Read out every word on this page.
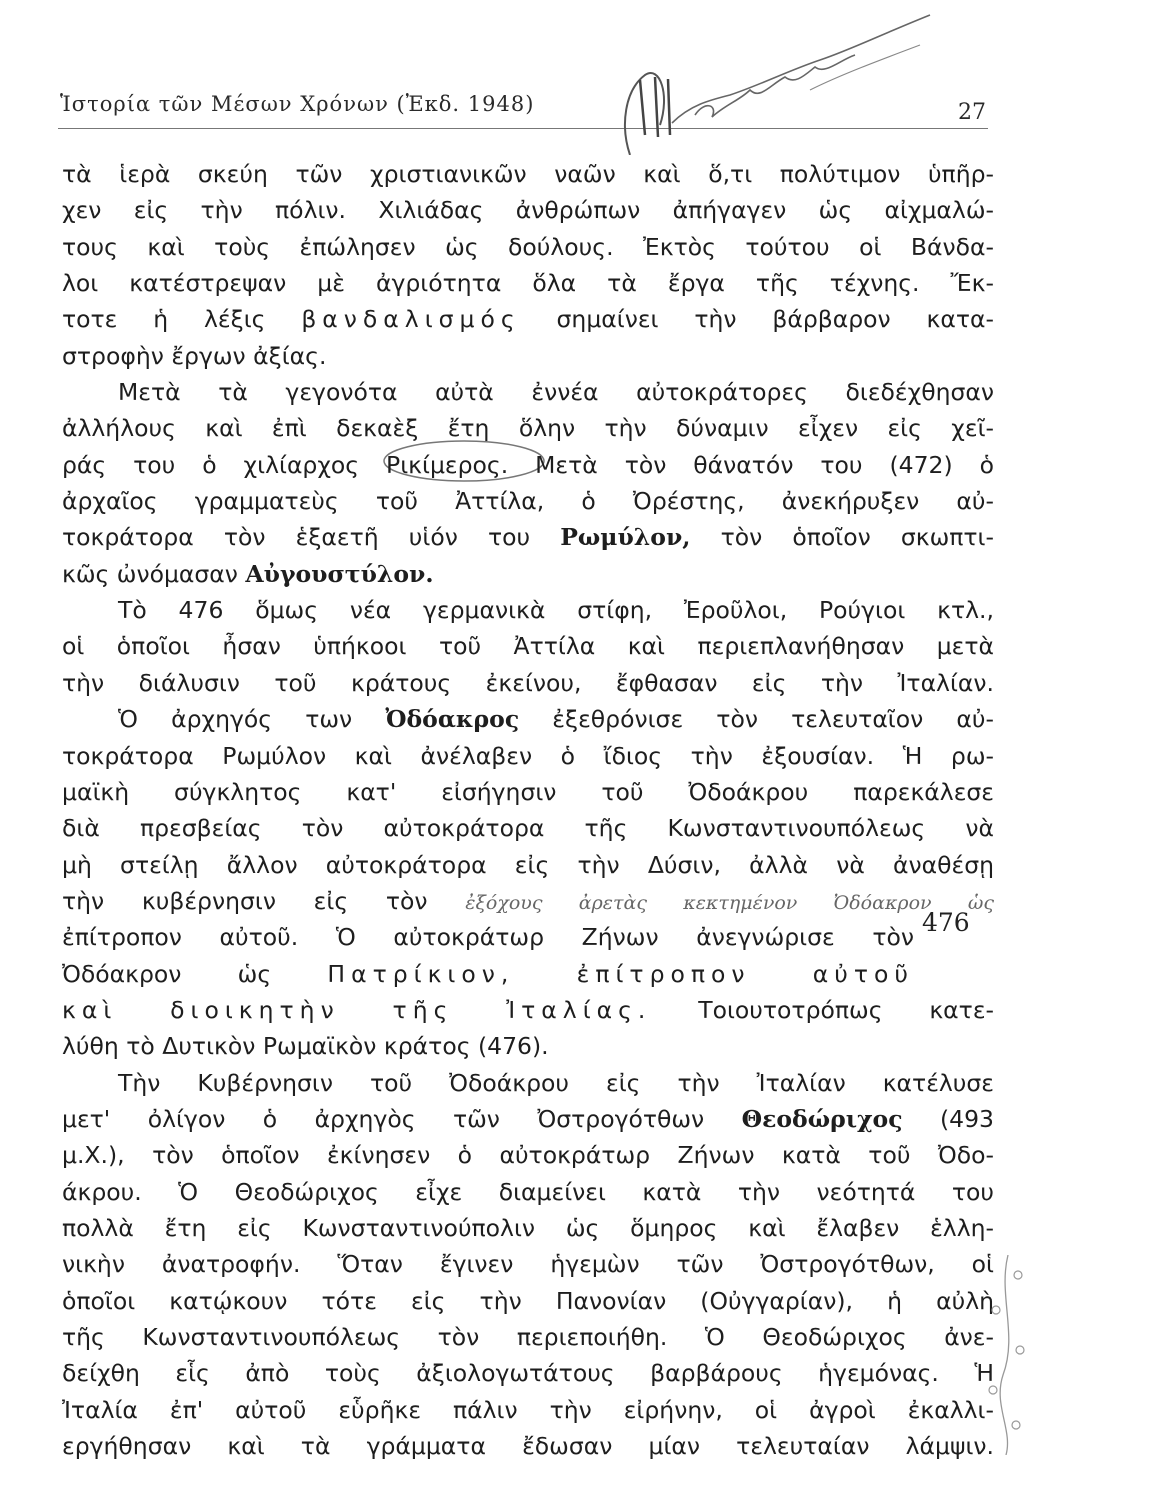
Ἱστορία τῶν Μέσων Χρόνων (Ἐκδ. 1948)	27
τὰ ἱερὰ σκεύη τῶν χριστιανικῶν ναῶν καὶ ὅ,τι πολύτιμον ὑπῆρ-
χεν εἰς τὴν πόλιν. Χιλιάδας ἀνθρώπων ἀπήγαγεν ὡς αἰχμαλώ-
τους καὶ τοὺς ἐπώλησεν ὡς δούλους. Ἐκτὸς τούτου οἱ Βάνδα-
λοι κατέστρεψαν μὲ ἀγριότητα ὅλα τὰ ἔργα τῆς τέχνης. Ἔκ-
τοτε ἡ λέξις βανδαλισμός σημαίνει τὴν βάρβαρον κατα-
στροφὴν ἔργων ἀξίας.
Μετὰ τὰ γεγονότα αὐτὰ ἐννέα αὐτοκράτορες διεδέχθησαν
ἀλλήλους καὶ ἐπὶ δεκαὲξ ἔτη ὅλην τὴν δύναμιν εἶχεν εἰς χεῖ-
ράς του ὁ χιλίαρχος Ρικίμερος. Μετὰ τὸν θάνατόν του (472) ὁ
ἀρχαῖος γραμματεὺς τοῦ Ἀττίλα, ὁ Ὀρέστης, ἀνεκήρυξεν αὐ-
τοκράτορα τὸν ἑξαετῆ υἱόν του Ρωμύλον, τὸν ὁποῖον σκωπτι-
κῶς ὠνόμασαν Αὐγουστύλον.
Τὸ 476 ὅμως νέα γερμανικὰ στίφη, Ἐροῦλοι, Ρούγιοι κτλ.,
οἱ ὁποῖοι ἦσαν ὑπήκοοι τοῦ Ἀττίλα καὶ περιεπλανήθησαν μετὰ
τὴν διάλυσιν τοῦ κράτους ἐκείνου, ἔφθασαν εἰς τὴν Ἰταλίαν.
Ὁ ἀρχηγός των Ὀδόακρος ἐξεθρόνισε τὸν τελευταῖον αὐ-
τοκράτορα Ρωμύλον καὶ ἀνέλαβεν ὁ ἴδιος τὴν ἐξουσίαν. Ἡ ρω-
μαϊκὴ σύγκλητος κατ' εἰσήγησιν τοῦ Ὀδοάκρου παρεκάλεσε
διὰ πρεσβείας τὸν αὐτοκράτορα τῆς Κωνσταντινουπόλεως νὰ
μὴ στείλῃ ἄλλον αὐτοκράτορα εἰς τὴν Δύσιν, ἀλλὰ νὰ ἀναθέσῃ
τὴν κυβέρνησιν εἰς τὸν ἐξόχους ἀρετὰς κεκτημένον Ὀδόακρον ὡς
ἐπίτροπον αὐτοῦ. Ὁ αὐτοκράτωρ Ζήνων ἀνεγνώρισε τὸν
Ὀδόακρον ὡς Πατρίκιον, ἐπίτροπον αὐτοῦ
καὶ διοικητὴν τῆς Ἰταλίας. Τοιουτοτρόπως κατε-
λύθη τὸ Δυτικὸν Ρωμαϊκὸν κράτος (476).
Τὴν Κυβέρνησιν τοῦ Ὀδοάκρου εἰς τὴν Ἰταλίαν κατέλυσε
μετ' ὀλίγον ὁ ἀρχηγὸς τῶν Ὀστρογότθων Θεοδώριχος (493
μ.Χ.), τὸν ὁποῖον ἐκίνησεν ὁ αὐτοκράτωρ Ζήνων κατὰ τοῦ Ὀδο-
άκρου. Ὁ Θεοδώριχος εἶχε διαμείνει κατὰ τὴν νεότητά του
πολλὰ ἔτη εἰς Κωνσταντινούπολιν ὡς ὅμηρος καὶ ἔλαβεν ἑλλη-
νικὴν ἀνατροφήν. Ὅταν ἔγινεν ἡγεμὼν τῶν Ὀστρογότθων, οἱ
ὁποῖοι κατῴκουν τότε εἰς τὴν Πανονίαν (Οὐγγαρίαν), ἡ αὐλὴ
τῆς Κωνσταντινουπόλεως τὸν περιεποιήθη. Ὁ Θεοδώριχος ἀνε-
δείχθη εἷς ἀπὸ τοὺς ἀξιολογωτάτους βαρβάρους ἡγεμόνας. Ἡ
Ἰταλία ἐπ' αὐτοῦ εὗρῆκε πάλιν τὴν εἰρήνην, οἱ ἀγροὶ ἐκαλλι-
εργήθησαν καὶ τὰ γράμματα ἔδωσαν μίαν τελευταίαν λάμψιν.
476
